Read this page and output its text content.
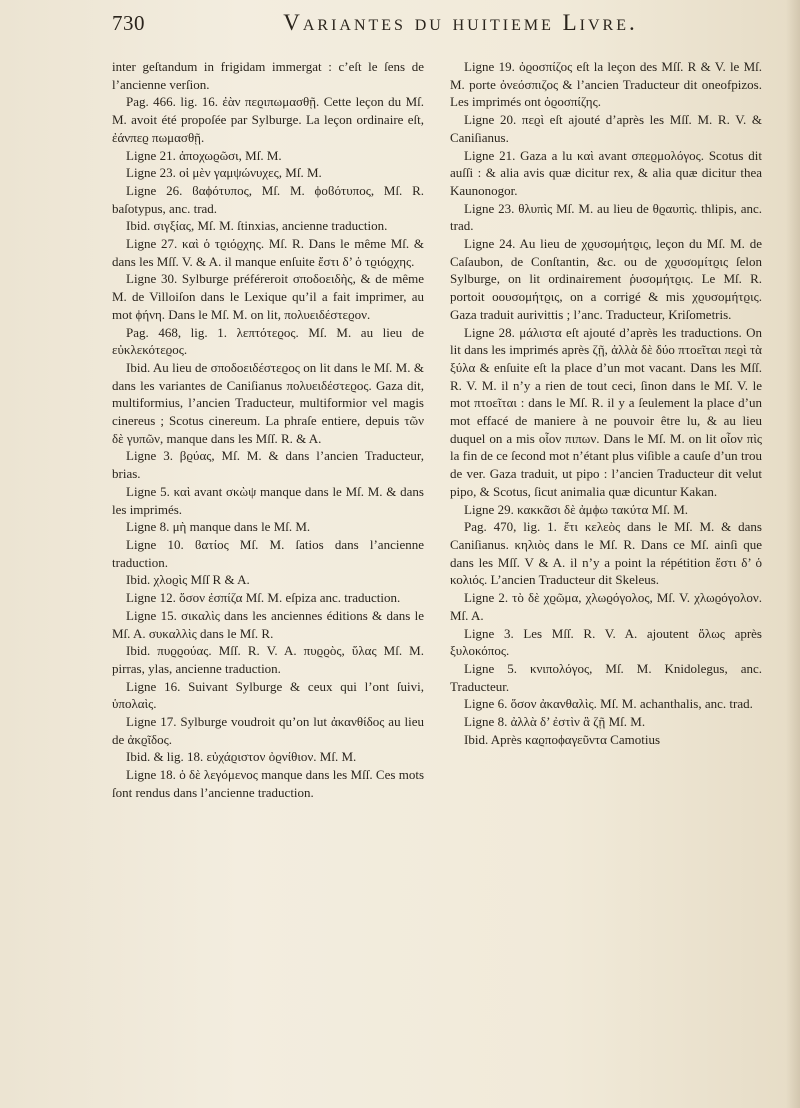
730	Variantes du huitieme Livre.

inter geſtandum in frigidam immergat : c’eſt le ſens de l’ancienne verſion.

Pag. 466. lig. 16. ἐὰν πεϱιπωμασθῇ. Cette leçon du Mſ. M. avoit été propoſée par Sylburge. La leçon ordinaire eſt, ἐάνπεϱ πωμασθῇ.

Ligne 21. ἀποχωϱῶσι, Mſ. M.

Ligne 23. οἱ μὲν γαμψώνυχες, Mſ. M.

Ligne 26. ϐαϕότυπος, Mſ. M. ϕοϐότυπος, Mſ. R. baſotypus, anc. trad.

Ibid. σιγξίας, Mſ. M. ſtinxias, ancienne traduction.

Ligne 27. καὶ ὁ τϱιόϱχης. Mſ. R. Dans le même Mſ. & dans les Mſſ. V. & A. il manque enſuite ἔστι δ’ ὁ τϱιόϱχης.

Ligne 30. Sylburge préféreroit σποδοειδὴς, & de même M. de Villoiſon dans le Lexique qu’il a fait imprimer, au mot ϕήνη. Dans le Mſ. M. on lit, πολυειδέστεϱον.

Pag. 468, lig. 1. λεπτότεϱος. Mſ. M. au lieu de εὐκλεκότεϱος.

Ibid. Au lieu de σποδοειδέστεϱος on lit dans le Mſ. M. & dans les variantes de Caniſianus πολυειδέστεϱος. Gaza dit, multiformius, l’ancien Traducteur, multiformior vel magis cinereus ; Scotus cinereum. La phraſe entiere, depuis τῶν δὲ γυπῶν, manque dans les Mſſ. R. & A.

Ligne 3. βϱύας, Mſ. M. & dans l’ancien Traducteur, brias.

Ligne 5. καὶ avant σκὼψ manque dans le Mſ. M. & dans les imprimés.

Ligne 8. μὴ manque dans le Mſ. M.

Ligne 10. ϐατίος Mſ. M. ſatios dans l’ancienne traduction.

Ibid. χλοϱὶς Mſſ R & A.

Ligne 12. ὅσον ἐσπίζα Mſ. M. eſpiza anc. traduction.

Ligne 15. σικαλὶς dans les anciennes éditions & dans le Mſ. A. συκαλλὶς dans le Mſ. R.

Ibid. πυϱϱούας. Mſſ. R. V. A. πυϱϱὸς, ὕλας Mſ. M. pirras, ylas, ancienne traduction.

Ligne 16. Suivant Sylburge & ceux qui l’ont ſuivi, ὑπολαὶς.

Ligne 17. Sylburge voudroit qu’on lut ἀκανθίδος au lieu de ἀκϱῖδος.

Ibid. & lig. 18. εὐχάϱιστον ὀϱνίθιον. Mſ. M.

Ligne 18. ὁ δὲ λεγόμενος manque dans les Mſſ. Ces mots ſont rendus dans l’ancienne traduction.

Ligne 19. ὀϱοσπίζος eſt la leçon des Mſſ. R & V. le Mſ. M. porte ὀνεόσπιζος & l’ancien Traducteur dit oneofpizos. Les imprimés ont ὀϱοσπίζης.

Ligne 20. πεϱὶ eſt ajouté d’après les Mſſ. M. R. V. & Caniſianus.

Ligne 21. Gaza a lu καὶ avant σπεϱμολόγος. Scotus dit auſſi : & alia avis quæ dicitur rex, & alia quæ dicitur thea Kaunonogor.

Ligne 23. θλυπὶς Mſ. M. au lieu de θϱαυπὶς. thlipis, anc. trad.

Ligne 24. Au lieu de χϱυσομήτϱις, leçon du Mſ. M. de Caſaubon, de Conſtantin, &c. ou de χϱυσομίτϱις ſelon Sylburge, on lit ordinairement ῥυσομήτϱις. Le Mſ. R. portoit οουσομήτϱις, on a corrigé & mis χϱυσομήτϱις. Gaza traduit aurivittis ; l’anc. Traducteur, Kriſometris.

Ligne 28. μάλιστα eſt ajouté d’après les traductions. On lit dans les imprimés après ζῇ, ἀλλὰ δὲ δύο πτοεῖται πεϱὶ τὰ ξύλα & enſuite eſt la place d’un mot vacant. Dans les Mſſ. R. V. M. il n’y a rien de tout ceci, ſinon dans le Mſ. V. le mot πτοεῖται : dans le Mſ. R. il y a ſeulement la place d’un mot effacé de maniere à ne pouvoir être lu, & au lieu duquel on a mis οἷον πιπων. Dans le Mſ. M. on lit οἷον πὶς la fin de ce ſecond mot n’étant plus viſible a cauſe d’un trou de ver. Gaza traduit, ut pipo : l’ancien Traducteur dit velut pipo, & Scotus, ſicut animalia quæ dicuntur Kakan.

Ligne 29. κακκᾶσι δὲ ἀμϕω τακύτα Mſ. M.

Pag. 470, lig. 1. ἔτι κελεὸς dans le Mſ. M. & dans Caniſianus. κηλιὸς dans le Mſ. R. Dans ce Mſ. ainſi que dans les Mſſ. V & A. il n’y a point la répétition ἔστι δ’ ὁ κολιός. L’ancien Traducteur dit Skeleus.

Ligne 2. τὸ δὲ χϱῶμα, χλωϱόγολος, Mſ. V. χλωϱόγολον. Mſ. A.

Ligne 3. Les Mſſ. R. V. A. ajoutent ὅλως après ξυλοκόπος.

Ligne 5. κνιπολόγος, Mſ. M. Knidolegus, anc. Traducteur.

Ligne 6. ὅσον ἀκανθαλὶς. Mſ. M. achanthalis, anc. trad.

Ligne 8. ἀλλὰ δ’ ἐστὶν ἃ ζῇ Mſ. M.

Ibid. Après καϱποϕαγεῦντα Camotius
